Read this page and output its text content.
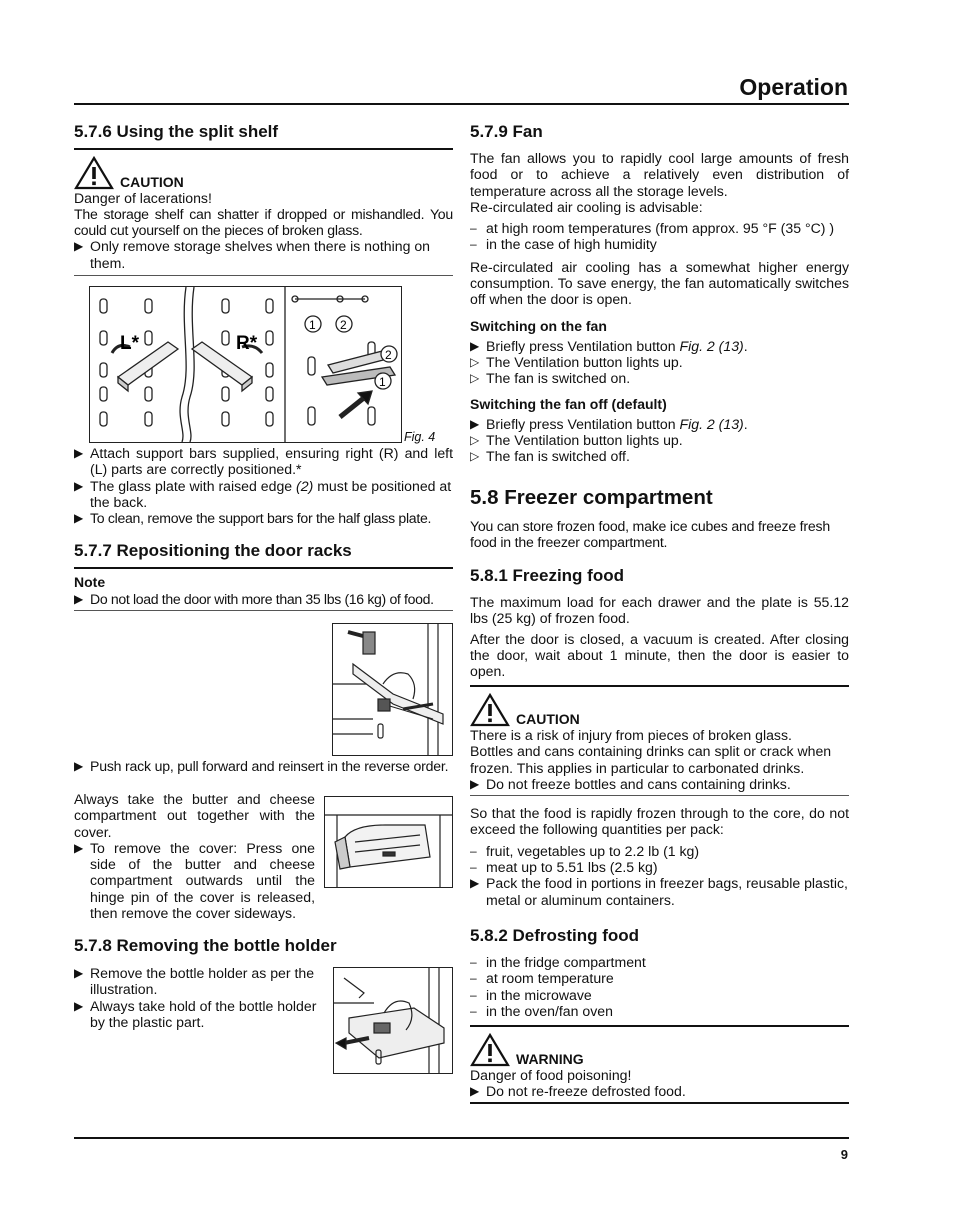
Operation
5.7.6 Using the split shelf
CAUTION

Danger of lacerations!

The storage shelf can shatter if dropped or mishandled. You could cut yourself on the pieces of broken glass.

▶ Only remove storage shelves when there is nothing on them.
L*	R*
1 2
2
1
Fig. 4
▶ Attach support bars supplied, ensuring right (R) and left (L) parts are correctly positioned.*
▶ The glass plate with raised edge (2) must be positioned at the back.
▶ To clean, remove the support bars for the half glass plate.
5.7.7 Repositioning the door racks
Note
▶ Do not load the door with more than 35 lbs (16 kg) of food.
▶ Push rack up, pull forward and reinsert in the reverse order.

Always take the butter and cheese compartment out together with the cover.

▶ To remove the cover: Press one side of the butter and cheese compartment outwards until the hinge pin of the cover is released, then remove the cover sideways.
5.7.8 Removing the bottle holder
▶ Remove the bottle holder as per the illustration.
▶ Always take hold of the bottle holder by the plastic part.
5.7.9 Fan

The fan allows you to rapidly cool large amounts of fresh food or to achieve a relatively even distribution of temperature across all the storage levels.

Re-circulated air cooling is advisable:

– at high room temperatures (from approx. 95 °F (35 °C) )
– in the case of high humidity

Re-circulated air cooling has a somewhat higher energy consumption. To save energy, the fan automatically switches off when the door is open.

Switching on the fan
▶ Briefly press Ventilation button Fig. 2 (13).
▷ The Ventilation button lights up.
▷ The fan is switched on.
Switching the fan off (default)
▶ Briefly press Ventilation button Fig. 2 (13).
▷ The Ventilation button lights up.
▷ The fan is switched off.
5.8 Freezer compartment

You can store frozen food, make ice cubes and freeze fresh food in the freezer compartment.

5.8.1 Freezing food

The maximum load for each drawer and the plate is 55.12 lbs (25 kg) of frozen food.

After the door is closed, a vacuum is created. After closing the door, wait about 1 minute, then the door is easier to open.

CAUTION

There is a risk of injury from pieces of broken glass.

Bottles and cans containing drinks can split or crack when frozen. This applies in particular to carbonated drinks.

▶ Do not freeze bottles and cans containing drinks.

So that the food is rapidly frozen through to the core, do not exceed the following quantities per pack:

– fruit, vegetables up to 2.2 lb (1 kg)
– meat up to 5.51 lbs (2.5 kg)
▶ Pack the food in portions in freezer bags, reusable plastic, metal or aluminum containers.
5.8.2 Defrosting food
– in the fridge compartment
– at room temperature
– in the microwave
– in the oven/fan oven
WARNING

Danger of food poisoning!

▶ Do not re-freeze defrosted food.
9
